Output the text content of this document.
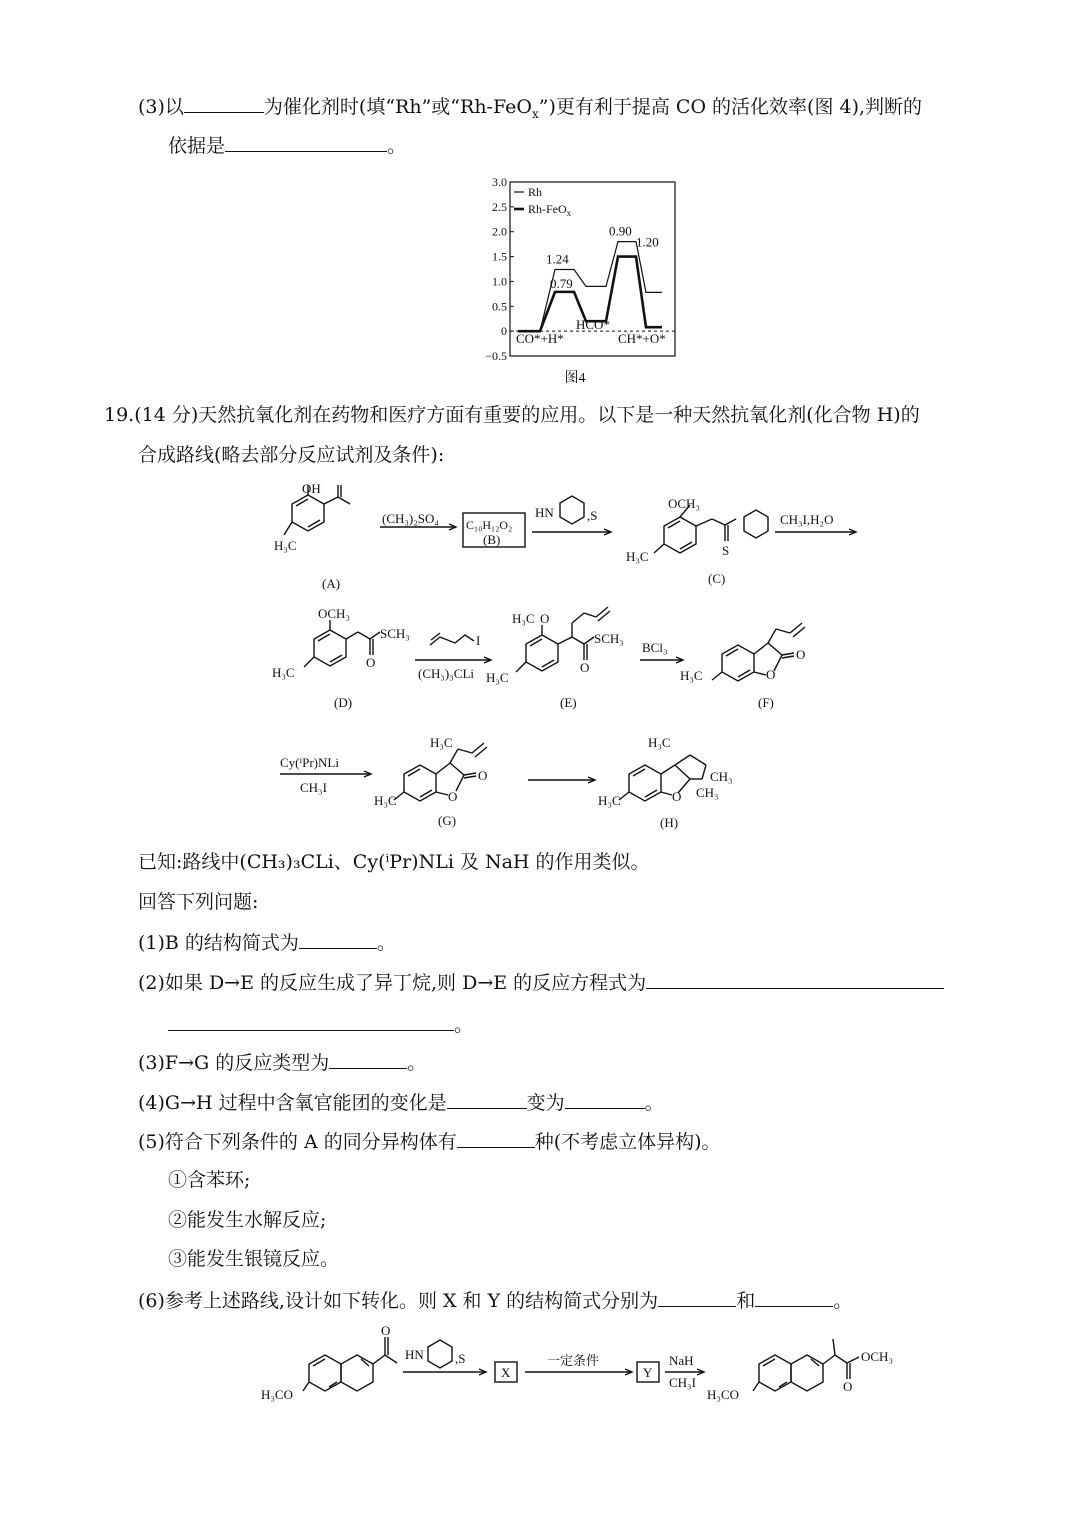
(3)以	为催化剂时(填“Rh”或“Rh-FeO$_x$”)更有利于提高 CO 的活化效率(图 4),判断的
依据是	。
3.0
2.5
2.0
1.5
1.0
0.5
0
−0.5
Rh
Rh-FeO$_x$
1.24
0.90
0.79
1.20
CO*+H*
HCO*
CH*+O*
图4
19.(14 分)天然抗氧化剂在药物和医疗方面有重要的应用。以下是一种天然抗氧化剂(化合物 H)的
合成路线(略去部分反应试剂及条件):
OH
H₃C
(A)
(CH₃)₂SO₄ C₁₀H₁₂O₂
(B)
HN	,S
OCH₃
S
H₃C
(C)
CH₃I,H₂O
OCH₃
SCH₃
O
H₃C
(D)
I
(CH₃)₃CLi
H₃C O
SCH₃
O
H₃C
(E)
BCl₃	O
O
H₃C
(F)
Cy(ⁱPr)NLi
CH₃I
H₃C
O
O
H₃C
(G)
H₃C
CH₃
CH₃
O
H₃C
(H)
已知:路线中(CH₃)₃CLi、Cy(ⁱPr)NLi 及 NaH 的作用类似。
回答下列问题:
(1)B 的结构简式为	。
(2)如果 D→E 的反应生成了异丁烷,则 D→E 的反应方程式为
。
(3)F→G 的反应类型为	。
(4)G→H 过程中含氧官能团的变化是	变为	。
(5)符合下列条件的 A 的同分异构体有	种(不考虑立体异构)。
①含苯环;
②能发生水解反应;
③能发生银镜反应。
(6)参考上述路线,设计如下转化。则 X 和 Y 的结构简式分别为	和	。
H₃CO
O
HN ,S
X
一定条件
Y
NaH
CH₃I
OCH₃
O
H₃CO
